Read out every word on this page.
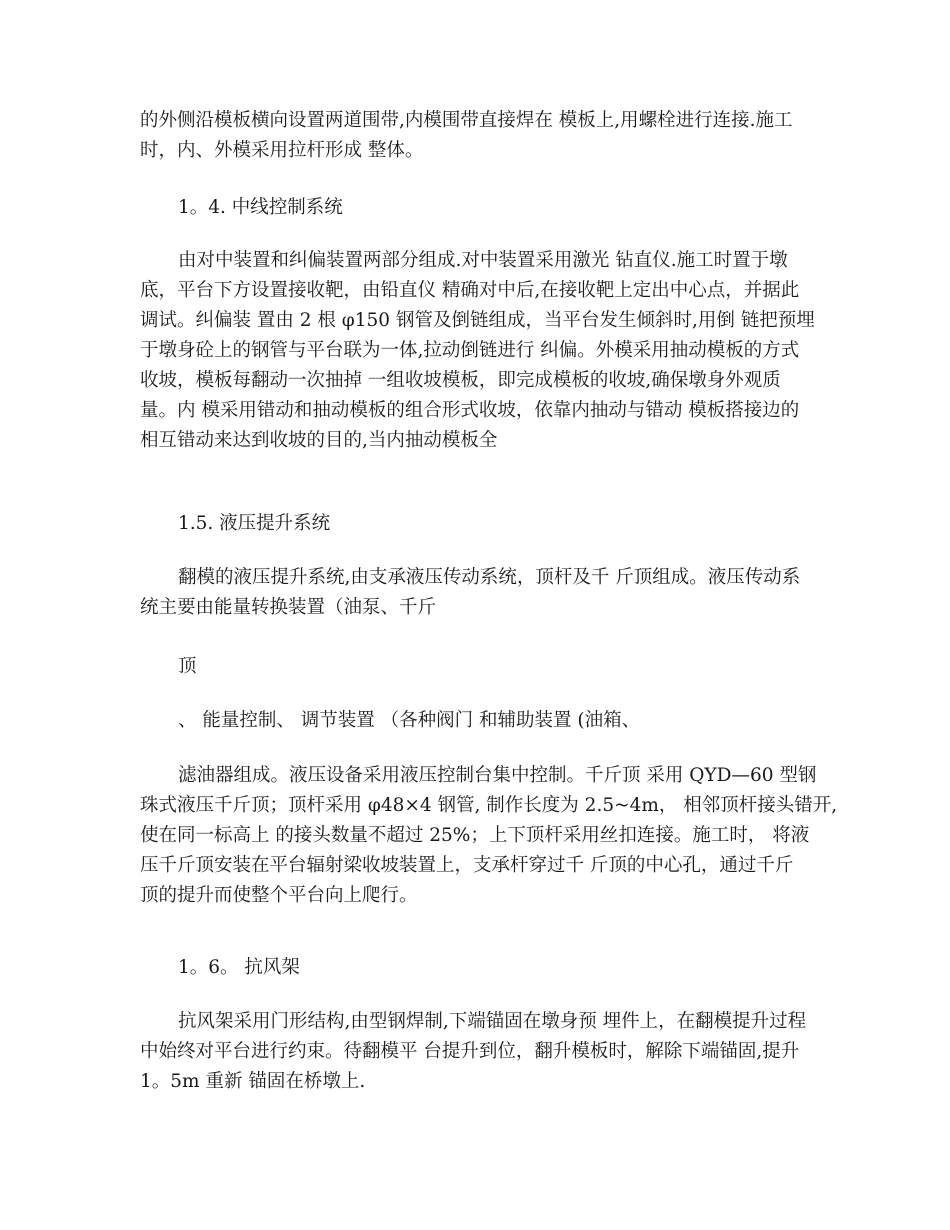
的外侧沿模板横向设置两道围带,内模围带直接焊在 模板上,用螺栓进行连接.施工
时，内、外模采用拉杆形成 整体。
1。4. 中线控制系统
由对中装置和纠偏装置两部分组成.对中装置采用激光 钻直仪.施工时置于墩
底，平台下方设置接收靶，由铅直仪 精确对中后,在接收靶上定出中心点，并据此
调试。纠偏装 置由 2 根 φ150 钢管及倒链组成，当平台发生倾斜时,用倒 链把预埋
于墩身砼上的钢管与平台联为一体,拉动倒链进行 纠偏。外模采用抽动模板的方式
收坡，模板每翻动一次抽掉 一组收坡模板，即完成模板的收坡,确保墩身外观质
量。内 模采用错动和抽动模板的组合形式收坡，依靠内抽动与错动 模板搭接边的
相互错动来达到收坡的目的,当内抽动模板全
1.5. 液压提升系统
翻模的液压提升系统,由支承液压传动系统，顶杆及千 斤顶组成。液压传动系
统主要由能量转换装置（油泵、千斤
顶
、 能量控制、 调节装置 （各种阀门 和辅助装置 (油箱、
滤油器组成。液压设备采用液压控制台集中控制。千斤顶 采用 QYD—60 型钢
珠式液压千斤顶；顶杆采用 φ48×4 钢管, 制作长度为 2.5~4m， 相邻顶杆接头错开,
使在同一标高上 的接头数量不超过 25%；上下顶杆采用丝扣连接。施工时， 将液
压千斤顶安装在平台辐射梁收坡装置上，支承杆穿过千 斤顶的中心孔，通过千斤
顶的提升而使整个平台向上爬行。
1。6。 抗风架
抗风架采用门形结构,由型钢焊制,下端锚固在墩身预 埋件上，在翻模提升过程
中始终对平台进行约束。待翻模平 台提升到位，翻升模板时，解除下端锚固,提升
1。5m 重新 锚固在桥墩上.
